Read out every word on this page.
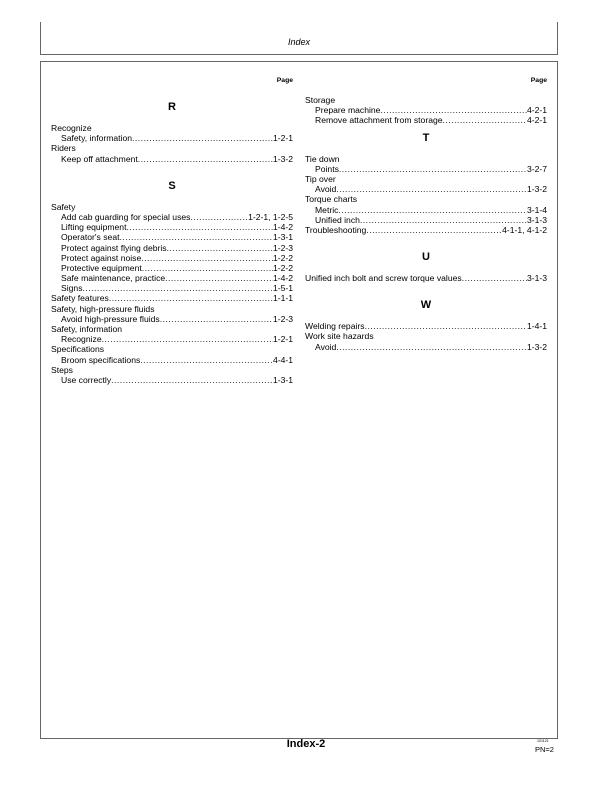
Index
Page
R
Recognize
Safety, information .....	1-2-1
Riders
Keep off attachment .....	1-3-2
S
Safety
Add cab guarding for special uses .....	1-2-1, 1-2-5
Lifting equipment .....	1-4-2
Operator's seat .....	1-3-1
Protect against flying debris .....	1-2-3
Protect against noise .....	1-2-2
Protective equipment .....	1-2-2
Safe maintenance, practice .....	1-4-2
Signs .....	1-5-1
Safety features .....	1-1-1
Safety, high-pressure fluids
Avoid high-pressure fluids .....	1-2-3
Safety, information
Recognize .....	1-2-1
Specifications
Broom specifications .....	4-4-1
Steps
Use correctly .....	1-3-1
Page
Storage
Prepare machine .....	4-2-1
Remove attachment from storage .....	4-2-1
T
Tie down
Points .....	3-2-7
Tip over
Avoid .....	1-3-2
Torque charts
Metric .....	3-1-4
Unified inch .....	3-1-3
Troubleshooting .....	4-1-1, 4-1-2
U
Unified inch bolt and screw torque values .....	3-1-3
W
Welding repairs .....	1-4-1
Work site hazards
Avoid .....	1-3-2
Index-2	101121
PN=2
